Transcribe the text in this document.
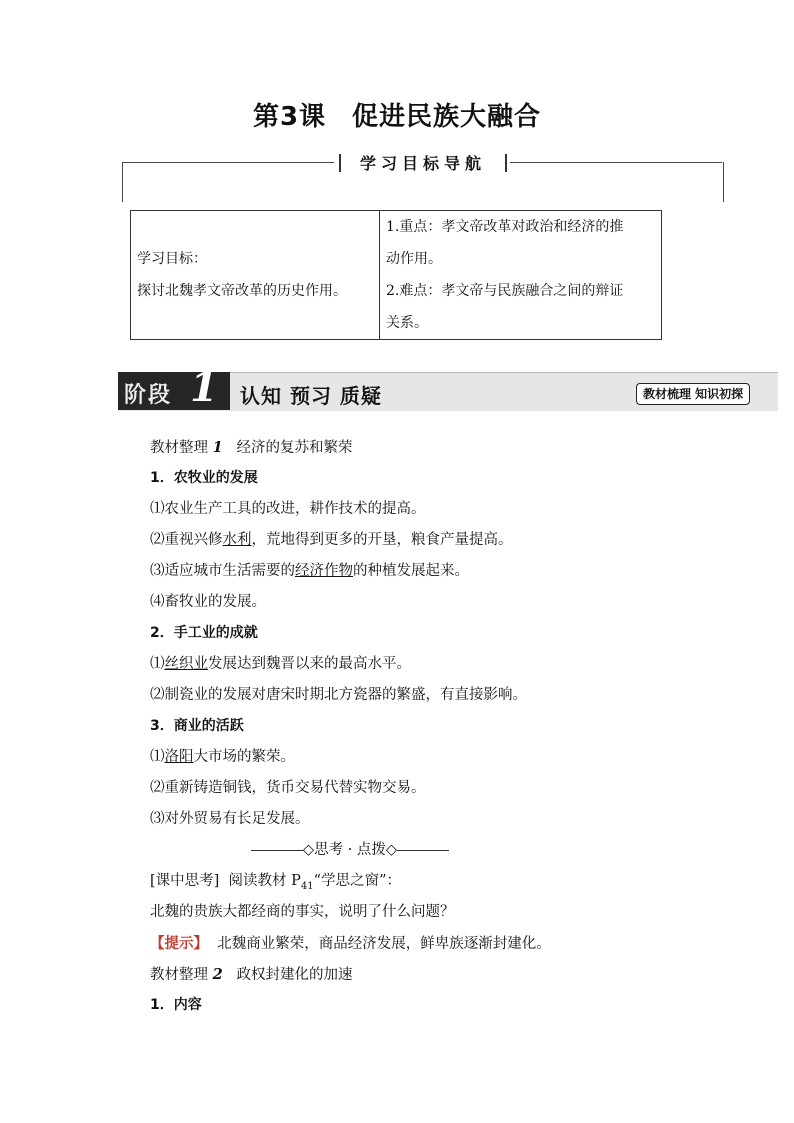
第3课 促进民族大融合
学习目标导航
学习目标：
探讨北魏孝文帝改革的历史作用。

1.重点：孝文帝改革对政治和经济的推
动作用。
2.难点：孝文帝与民族融合之间的辩证
关系。
阶段 1 认知 预习 质疑	教材梳理 知识初探
教材整理 1 经济的复苏和繁荣
1．农牧业的发展
⑴农业生产工具的改进，耕作技术的提高。
⑵重视兴修水利，荒地得到更多的开垦，粮食产量提高。
⑶适应城市生活需要的经济作物的种植发展起来。
⑷畜牧业的发展。
2．手工业的成就
⑴丝织业发展达到魏晋以来的最高水平。
⑵制瓷业的发展对唐宋时期北方瓷器的繁盛，有直接影响。
3．商业的活跃
⑴洛阳大市场的繁荣。
⑵重新铸造铜钱，货币交易代替实物交易。
⑶对外贸易有长足发展。
◇思考 · 点拨◇
[课中思考] 阅读教材 $P_{41}“$学思之窗”：
北魏的贵族大都经商的事实，说明了什么问题？
【提示】 北魏商业繁荣，商品经济发展，鲜卑族逐渐封建化。
教材整理 2 政权封建化的加速
1．内容
